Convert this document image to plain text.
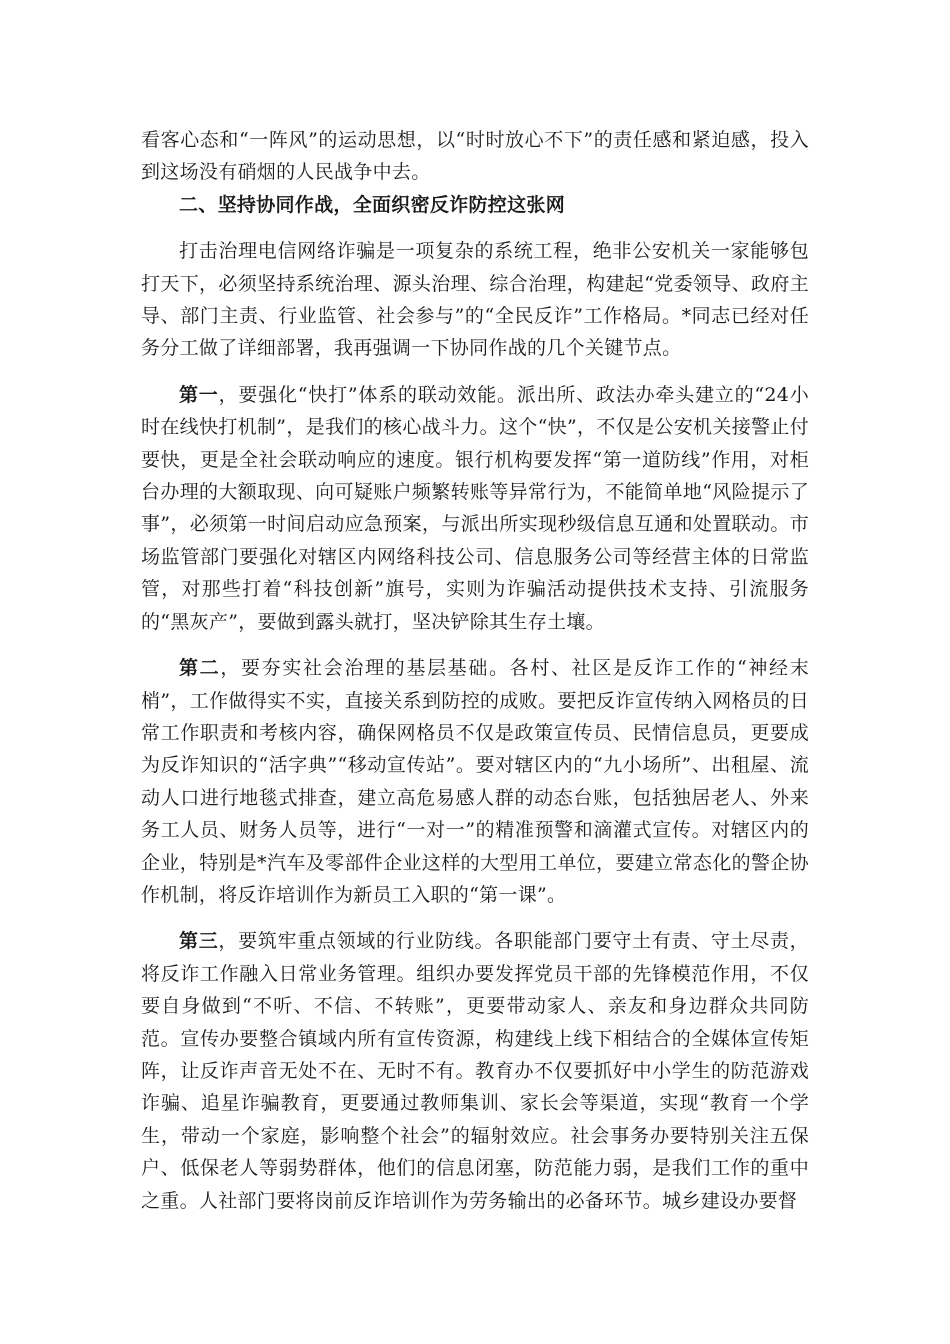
看客心态和“一阵风”的运动思想，以“时时放心不下”的责任感和紧迫感，投入到这场没有硝烟的人民战争中去。

二、坚持协同作战，全面织密反诈防控这张网

打击治理电信网络诈骗是一项复杂的系统工程，绝非公安机关一家能够包打天下，必须坚持系统治理、源头治理、综合治理，构建起“党委领导、政府主导、部门主责、行业监管、社会参与”的“全民反诈”工作格局。*同志已经对任务分工做了详细部署，我再强调一下协同作战的几个关键节点。

第一，要强化“快打”体系的联动效能。派出所、政法办牵头建立的“24小时在线快打机制”，是我们的核心战斗力。这个“快”，不仅是公安机关接警止付要快，更是全社会联动响应的速度。银行机构要发挥“第一道防线”作用，对柜台办理的大额取现、向可疑账户频繁转账等异常行为，不能简单地“风险提示了事”，必须第一时间启动应急预案，与派出所实现秒级信息互通和处置联动。市场监管部门要强化对辖区内网络科技公司、信息服务公司等经营主体的日常监管，对那些打着“科技创新”旗号，实则为诈骗活动提供技术支持、引流服务的“黑灰产”，要做到露头就打，坚决铲除其生存土壤。

第二，要夯实社会治理的基层基础。各村、社区是反诈工作的“神经末梢”，工作做得实不实，直接关系到防控的成败。要把反诈宣传纳入网格员的日常工作职责和考核内容，确保网格员不仅是政策宣传员、民情信息员，更要成为反诈知识的“活字典”“移动宣传站”。要对辖区内的“九小场所”、出租屋、流动人口进行地毯式排查，建立高危易感人群的动态台账，包括独居老人、外来务工人员、财务人员等，进行“一对一”的精准预警和滴灌式宣传。对辖区内的企业，特别是*汽车及零部件企业这样的大型用工单位，要建立常态化的警企协作机制，将反诈培训作为新员工入职的“第一课”。

第三，要筑牢重点领域的行业防线。各职能部门要守土有责、守土尽责，将反诈工作融入日常业务管理。组织办要发挥党员干部的先锋模范作用，不仅要自身做到“不听、不信、不转账”，更要带动家人、亲友和身边群众共同防范。宣传办要整合镇域内所有宣传资源，构建线上线下相结合的全媒体宣传矩阵，让反诈声音无处不在、无时不有。教育办不仅要抓好中小学生的防范游戏诈骗、追星诈骗教育，更要通过教师集训、家长会等渠道，实现“教育一个学生，带动一个家庭，影响整个社会”的辐射效应。社会事务办要特别关注五保户、低保老人等弱势群体，他们的信息闭塞，防范能力弱，是我们工作的重中之重。人社部门要将岗前反诈培训作为劳务输出的必备环节。城乡建设办要督
